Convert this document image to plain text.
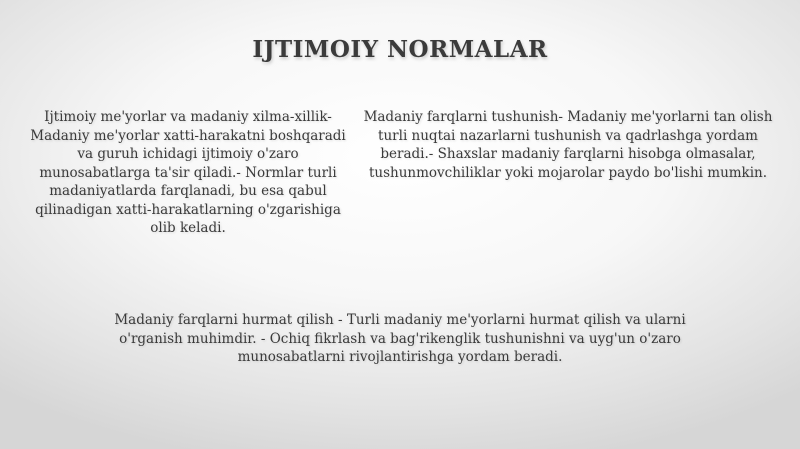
IJTIMOIY NORMALAR
Ijtimoiy me'yorlar va madaniy xilma-xillik- Madaniy me'yorlar xatti-harakatni boshqaradi va guruh ichidagi ijtimoiy o'zaro munosabatlarga ta'sir qiladi.- Normlar turli madaniyatlarda farqlanadi, bu esa qabul qilinadigan xatti-harakatlarning o'zgarishiga olib keladi.
Madaniy farqlarni tushunish- Madaniy me'yorlarni tan olish turli nuqtai nazarlarni tushunish va qadrlashga yordam beradi.- Shaxslar madaniy farqlarni hisobga olmasalar, tushunmovchiliklar yoki mojarolar paydo bo'lishi mumkin.
Madaniy farqlarni hurmat qilish - Turli madaniy me'yorlarni hurmat qilish va ularni o'rganish muhimdir. - Ochiq fikrlash va bag'rikenglik tushunishni va uyg'un o'zaro munosabatlarni rivojlantirishga yordam beradi.
